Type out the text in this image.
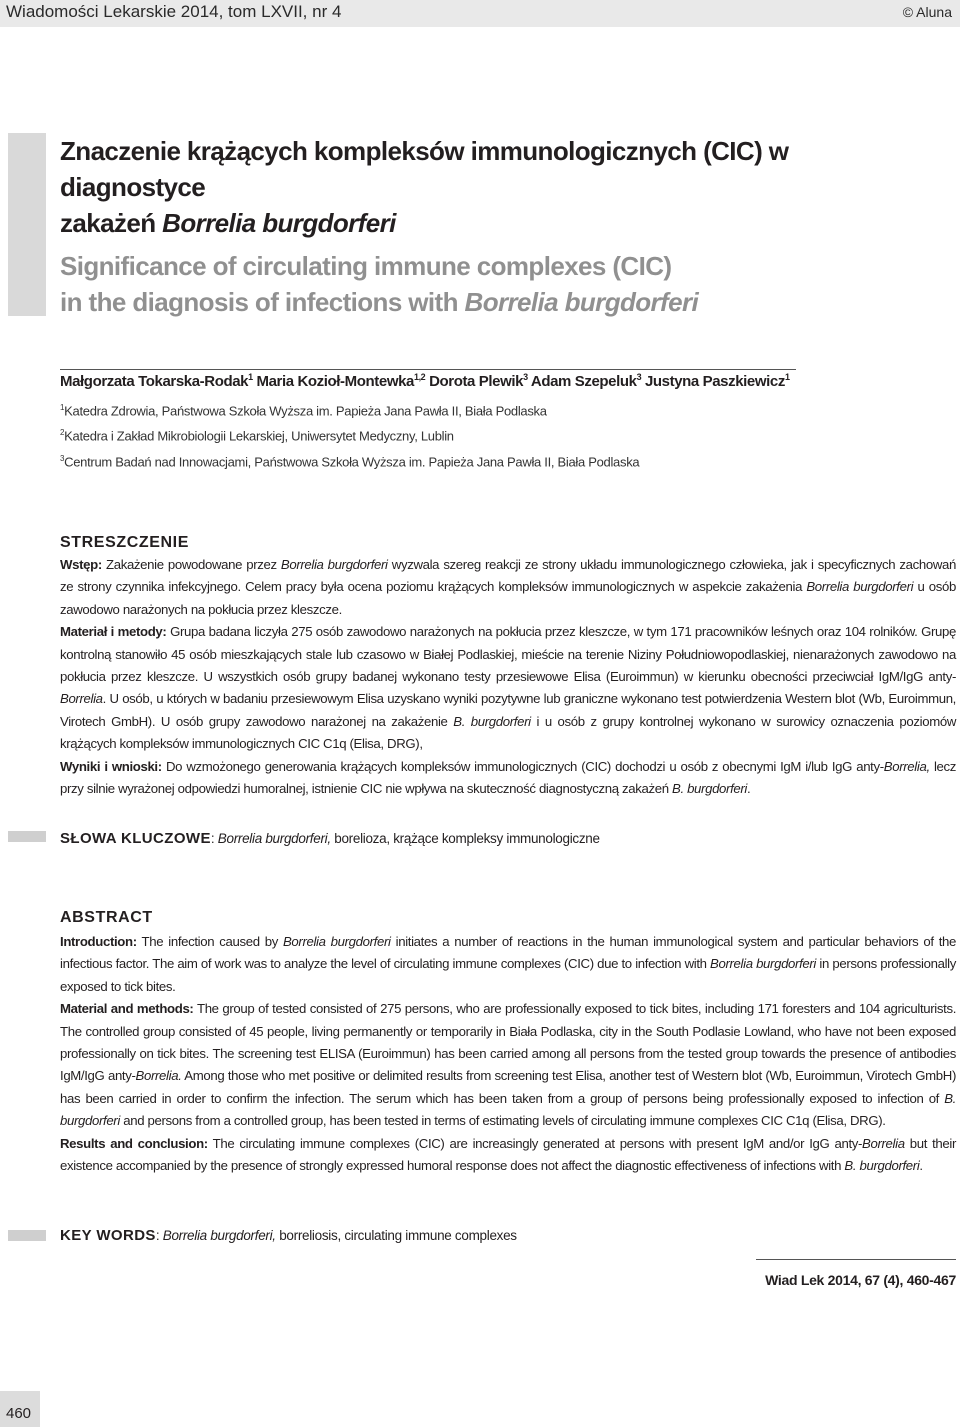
Wiadomości Lekarskie 2014, tom LXVII, nr 4	© Aluna
Znaczenie krążących kompleksów immunologicznych (CIC) w diagnostyce
zakażeń Borrelia burgdorferi
Significance of circulating immune complexes (CIC)
in the diagnosis of infections with Borrelia burgdorferi
Małgorzata Tokarska-Rodak$^1$ Maria Kozioł-Montewka$^{1,2}$ Dorota Plewik$^3$ Adam Szepeluk$^3$ Justyna Paszkiewicz$^1$
$^1$Katedra Zdrowia, Państwowa Szkoła Wyższa im. Papieża Jana Pawła II, Biała Podlaska
$^2$Katedra i Zakład Mikrobiologii Lekarskiej, Uniwersytet Medyczny, Lublin
$^3$Centrum Badań nad Innowacjami, Państwowa Szkoła Wyższa im. Papieża Jana Pawła II, Biała Podlaska
STRESZCZENIE

Wstęp: Zakażenie powodowane przez Borrelia burgdorferi wyzwala szereg reakcji ze strony układu immunologicznego człowieka, jak i specyficznych zachowań ze strony czynnika infekcyjnego. Celem pracy była ocena poziomu krążących kompleksów immunologicznych w aspekcie zakażenia Borrelia burgdorferi u osób zawodowo narażonych na pokłucia przez kleszcze.

Materiał i metody: Grupa badana liczyła 275 osób zawodowo narażonych na pokłucia przez kleszcze, w tym 171 pracowników leśnych oraz 104 rolników. Grupę kontrolną stanowiło 45 osób mieszkających stale lub czasowo w Białej Podlaskiej, mieście na terenie Niziny Południowopodlaskiej, nienarażonych zawodowo na pokłucia przez kleszcze. U wszystkich osób grupy badanej wykonano testy przesiewowe Elisa (Euroimmun) w kierunku obecności przeciwciał IgM/IgG anty-Borrelia. U osób, u których w badaniu przesiewowym Elisa uzyskano wyniki pozytywne lub graniczne wykonano test potwierdzenia Western blot (Wb, Euroimmun, Virotech GmbH). U osób grupy zawodowo narażonej na zakażenie B. burgdorferi i u osób z grupy kontrolnej wykonano w surowicy oznaczenia poziomów krążących kompleksów immunologicznych CIC C1q (Elisa, DRG),

Wyniki i wnioski: Do wzmożonego generowania krążących kompleksów immunologicznych (CIC) dochodzi u osób z obecnymi IgM i/lub IgG anty-Borrelia, lecz przy silnie wyrażonej odpowiedzi humoralnej, istnienie CIC nie wpływa na skuteczność diagnostyczną zakażeń B. burgdorferi.

SŁOWA KLUCZOWE: Borrelia burgdorferi, borelioza, krążące kompleksy immunologiczne
ABSTRACT

Introduction: The infection caused by Borrelia burgdorferi initiates a number of reactions in the human immunological system and particular behaviors of the infectious factor. The aim of work was to analyze the level of circulating immune complexes (CIC) due to infection with Borrelia burgdorferi in persons professionally exposed to tick bites.

Material and methods: The group of tested consisted of 275 persons, who are professionally exposed to tick bites, including 171 foresters and 104 agriculturists. The controlled group consisted of 45 people, living permanently or temporarily in Biała Podlaska, city in the South Podlasie Lowland, who have not been exposed professionally on tick bites. The screening test ELISA (Euroimmun) has been carried among all persons from the tested group towards the presence of antibodies IgM/IgG anty-Borrelia. Among those who met positive or delimited results from screening test Elisa, another test of Western blot (Wb, Euroimmun, Virotech GmbH) has been carried in order to confirm the infection. The serum which has been taken from a group of persons being professionally exposed to infection of B. burgdorferi and persons from a controlled group, has been tested in terms of estimating levels of circulating immune complexes CIC C1q (Elisa, DRG).

Results and conclusion: The circulating immune complexes (CIC) are increasingly generated at persons with present IgM and/or IgG anty-Borrelia but their existence accompanied by the presence of strongly expressed humoral response does not affect the diagnostic effectiveness of infections with B. burgdorferi.

KEY WORDS: Borrelia burgdorferi, borreliosis, circulating immune complexes
Wiad Lek 2014, 67 (4), 460-467
460
